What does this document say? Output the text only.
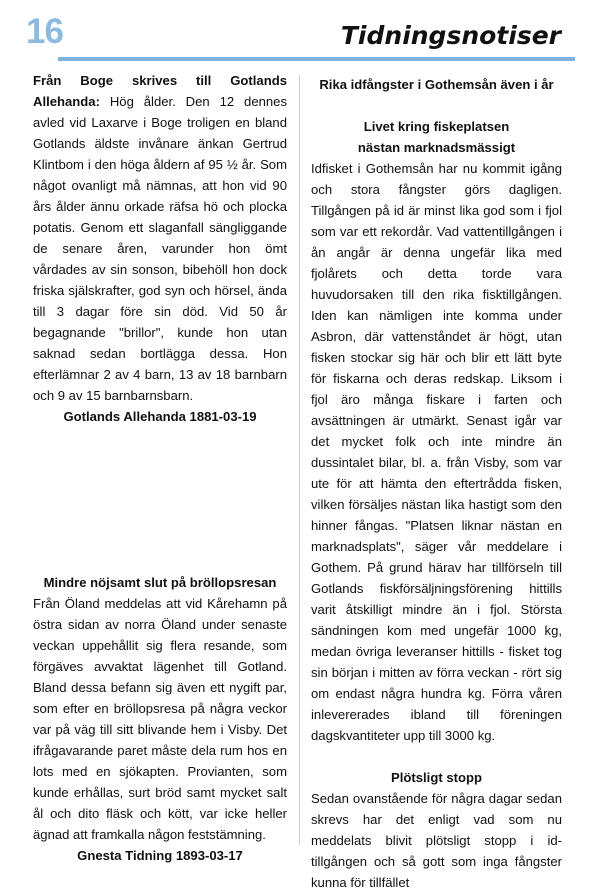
16	Tidningsnotiser

Från Boge skrives till Gotlands Allehanda: Hög ålder. Den 12 dennes avled vid Laxarve i Boge troligen en bland Gotlands äldste invånare änkan Gertrud Klintbom i den höga åldern af 95 ½ år. Som något ovanligt må nämnas, att hon vid 90 års ålder ännu orkade räfsa hö och plocka potatis. Genom ett slaganfall sängliggande de senare åren, varunder hon ömt vårdades av sin sonson, bibehöll hon dock friska själskrafter, god syn och hörsel, ända till 3 dagar före sin död. Vid 50 år begagnande "brillor", kunde hon utan saknad sedan bortlägga dessa. Hon efterlämnar 2 av 4 barn, 13 av 18 barnbarn och 9 av 15 barnbarnsbarn.

Gotlands Allehanda 1881-03-19

Mindre nöjsamt slut på bröllopsresan

Från Öland meddelas att vid Kårehamn på östra sidan av norra Öland under senaste veckan uppehållit sig flera resande, som förgäves avvaktat lägenhet till Gotland. Bland dessa befann sig även ett nygift par, som efter en bröllopsresa på några veckor var på väg till sitt blivande hem i Visby. Det ifrågavarande paret måste dela rum hos en lots med en sjökapten. Provianten, som kunde erhållas, surt bröd samt mycket salt ål och dito fläsk och kött, var icke heller ägnad att framkalla någon feststämning.

Gnesta Tidning 1893-03-17

Rika idfångster i Gothemsån även i år

Livet kring fiskeplatsen

nästan marknadsmässigt

Idfisket i Gothemsån har nu kommit igång och stora fångster görs dagligen. Tillgången på id är minst lika god som i fjol som var ett rekordår. Vad vattentillgången i ån angår är denna ungefär lika med fjolårets och detta torde vara huvudorsaken till den rika fisktillgången. Iden kan nämligen inte komma under Asbron, där vattenståndet är högt, utan fisken stockar sig här och blir ett lätt byte för fiskarna och deras redskap. Liksom i fjol äro många fiskare i farten och avsättningen är utmärkt. Senast igår var det mycket folk och inte mindre än dussintalet bilar, bl. a. från Visby, som var ute för att hämta den eftertrådda fisken, vilken försäljes nästan lika hastigt som den hinner fångas. "Platsen liknar nästan en marknadsplats", säger vår meddelare i Gothem. På grund härav har tillförseln till Gotlands fiskförsäljningsförening hittills varit åtskilligt mindre än i fjol. Största sändningen kom med ungefär 1000 kg, medan övriga leveranser hittills - fisket tog sin början i mitten av förra veckan - rört sig om endast några hundra kg. Förra våren inlevererades ibland till föreningen dagskvantiteter upp till 3000 kg.

Plötsligt stopp

Sedan ovanstående för några dagar sedan skrevs har det enligt vad som nu meddelats blivit plötsligt stopp i id-tillgången och så gott som inga fångster kunna för tillfället
